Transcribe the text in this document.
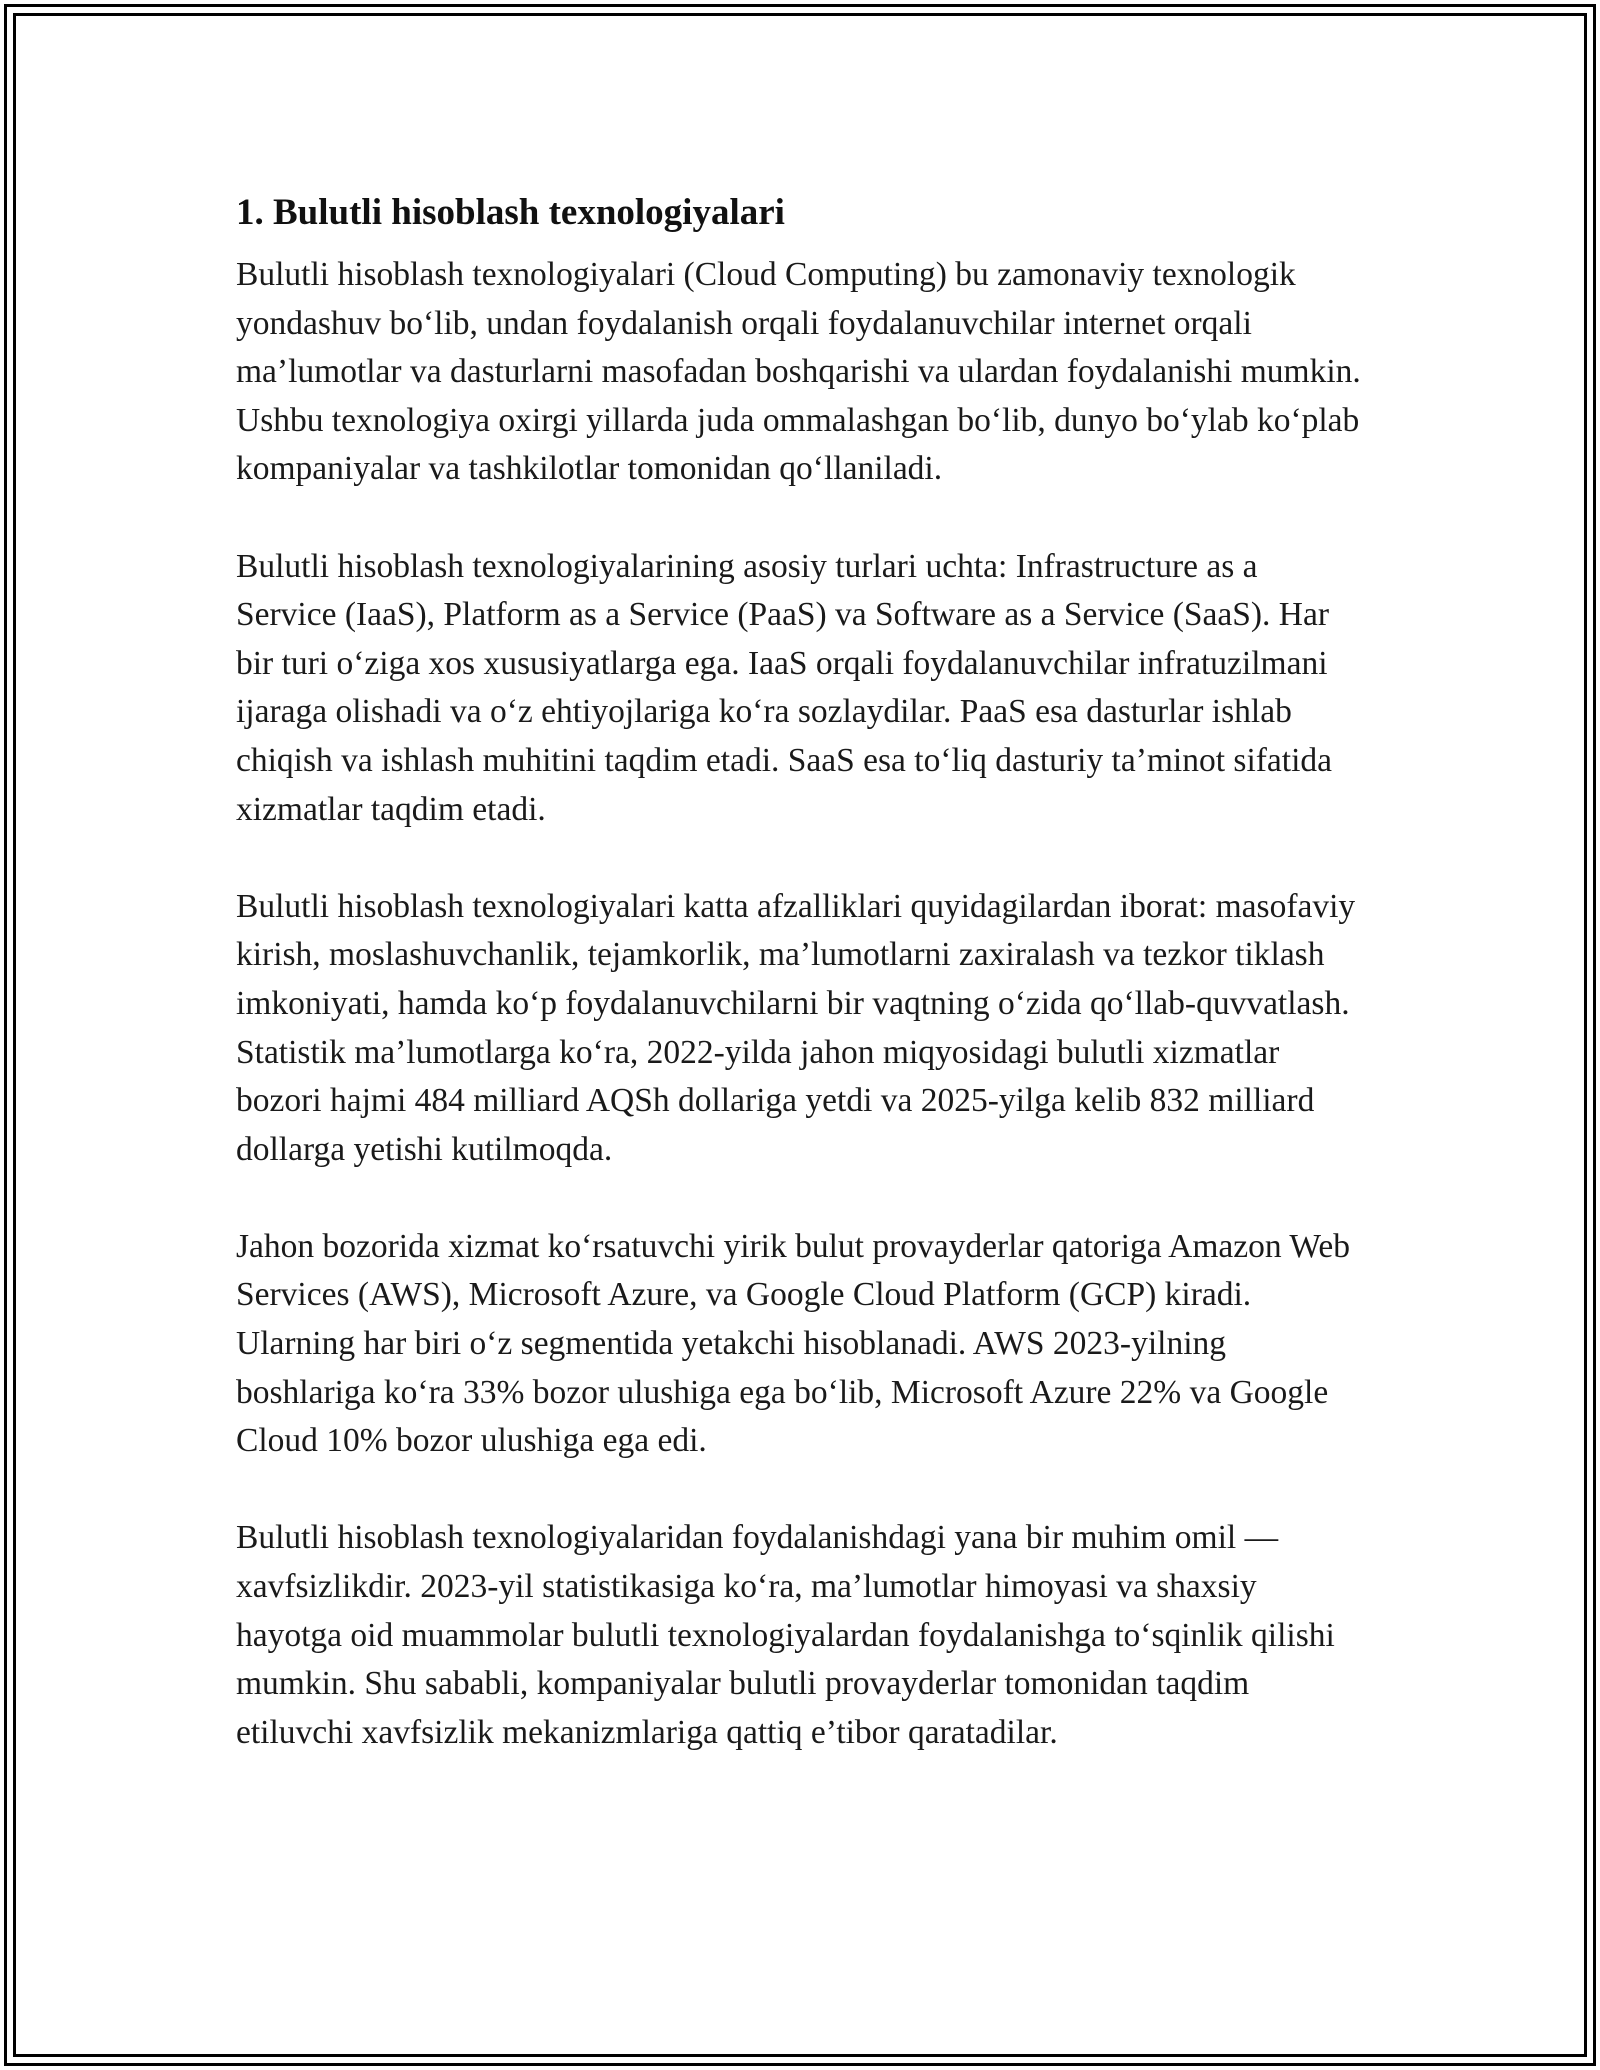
1. Bulutli hisoblash texnologiyalari

Bulutli hisoblash texnologiyalari (Cloud Computing) bu zamonaviy texnologik yondashuv bo‘lib, undan foydalanish orqali foydalanuvchilar internet orqali ma’lumotlar va dasturlarni masofadan boshqarishi va ulardan foydalanishi mumkin. Ushbu texnologiya oxirgi yillarda juda ommalashgan bo‘lib, dunyo bo‘ylab ko‘plab kompaniyalar va tashkilotlar tomonidan qo‘llaniladi.

Bulutli hisoblash texnologiyalarining asosiy turlari uchta: Infrastructure as a Service (IaaS), Platform as a Service (PaaS) va Software as a Service (SaaS). Har bir turi o‘ziga xos xususiyatlarga ega. IaaS orqali foydalanuvchilar infratuzilmani ijaraga olishadi va o‘z ehtiyojlariga ko‘ra sozlaydilar. PaaS esa dasturlar ishlab chiqish va ishlash muhitini taqdim etadi. SaaS esa to‘liq dasturiy ta’minot sifatida xizmatlar taqdim etadi.

Bulutli hisoblash texnologiyalari katta afzalliklari quyidagilardan iborat: masofaviy kirish, moslashuvchanlik, tejamkorlik, ma’lumotlarni zaxiralash va tezkor tiklash imkoniyati, hamda ko‘p foydalanuvchilarni bir vaqtning o‘zida qo‘llab-quvvatlash. Statistik ma’lumotlarga ko‘ra, 2022-yilda jahon miqyosidagi bulutli xizmatlar bozori hajmi 484 milliard AQSh dollariga yetdi va 2025-yilga kelib 832 milliard dollarga yetishi kutilmoqda.

Jahon bozorida xizmat ko‘rsatuvchi yirik bulut provayderlar qatoriga Amazon Web Services (AWS), Microsoft Azure, va Google Cloud Platform (GCP) kiradi. Ularning har biri o‘z segmentida yetakchi hisoblanadi. AWS 2023-yilning boshlariga ko‘ra 33% bozor ulushiga ega bo‘lib, Microsoft Azure 22% va Google Cloud 10% bozor ulushiga ega edi.

Bulutli hisoblash texnologiyalaridan foydalanishdagi yana bir muhim omil — xavfsizlikdir. 2023-yil statistikasiga ko‘ra, ma’lumotlar himoyasi va shaxsiy hayotga oid muammolar bulutli texnologiyalardan foydalanishga to‘sqinlik qilishi mumkin. Shu sababli, kompaniyalar bulutli provayderlar tomonidan taqdim etiluvchi xavfsizlik mekanizmlariga qattiq e’tibor qaratadilar.
